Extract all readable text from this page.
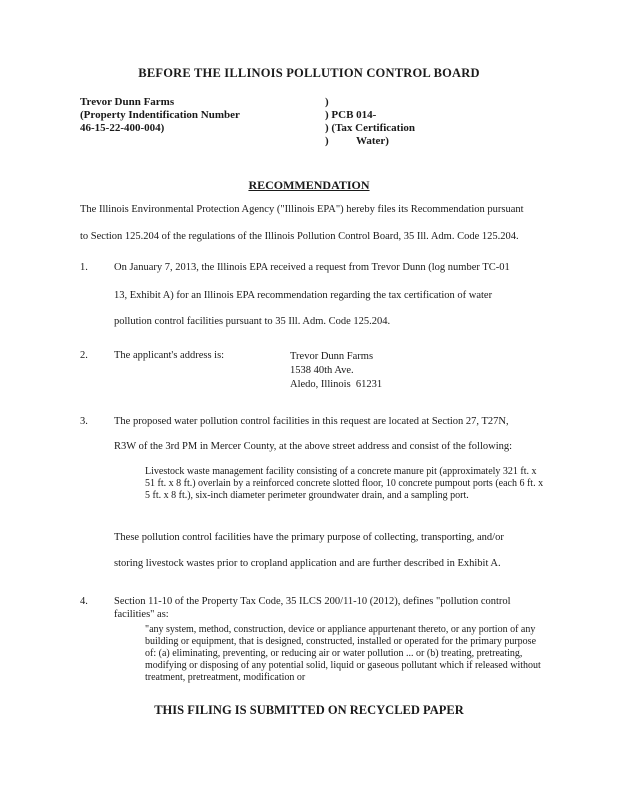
BEFORE THE ILLINOIS POLLUTION CONTROL BOARD
Trevor Dunn Farms
(Property Indentification Number
46-15-22-400-004)
)
) PCB 014-
) (Tax Certification
)          Water)
RECOMMENDATION
The Illinois Environmental Protection Agency ("Illinois EPA") hereby files its Recommendation pursuant
to Section 125.204 of the regulations of the Illinois Pollution Control Board, 35 Ill. Adm. Code 125.204.
1. On January 7, 2013, the Illinois EPA received a request from Trevor Dunn (log number TC-01
13, Exhibit A) for an Illinois EPA recommendation regarding the tax certification of water
pollution control facilities pursuant to 35 Ill. Adm. Code 125.204.
2. The applicant's address is:	Trevor Dunn Farms
1538 40th Ave.
Aledo, Illinois  61231
3. The proposed water pollution control facilities in this request are located at Section 27, T27N,
R3W of the 3rd PM in Mercer County, at the above street address and consist of the following:
Livestock waste management facility consisting of a concrete manure pit (approximately 321 ft. x 51 ft. x 8 ft.) overlain by a reinforced concrete slotted floor, 10 concrete pumpout ports (each 6 ft. x 5 ft. x 8 ft.), six-inch diameter perimeter groundwater drain, and a sampling port.
These pollution control facilities have the primary purpose of collecting, transporting, and/or
storing livestock wastes prior to cropland application and are further described in Exhibit A.
4. Section 11-10 of the Property Tax Code, 35 ILCS 200/11-10 (2012), defines "pollution control
facilities" as:
"any system, method, construction, device or appliance appurtenant thereto, or any portion of any building or equipment, that is designed, constructed, installed or operated for the primary purpose of: (a) eliminating, preventing, or reducing air or water pollution ... or (b) treating, pretreating, modifying or disposing of any potential solid, liquid or gaseous pollutant which if released without treatment, pretreatment, modification or
THIS FILING IS SUBMITTED ON RECYCLED PAPER
